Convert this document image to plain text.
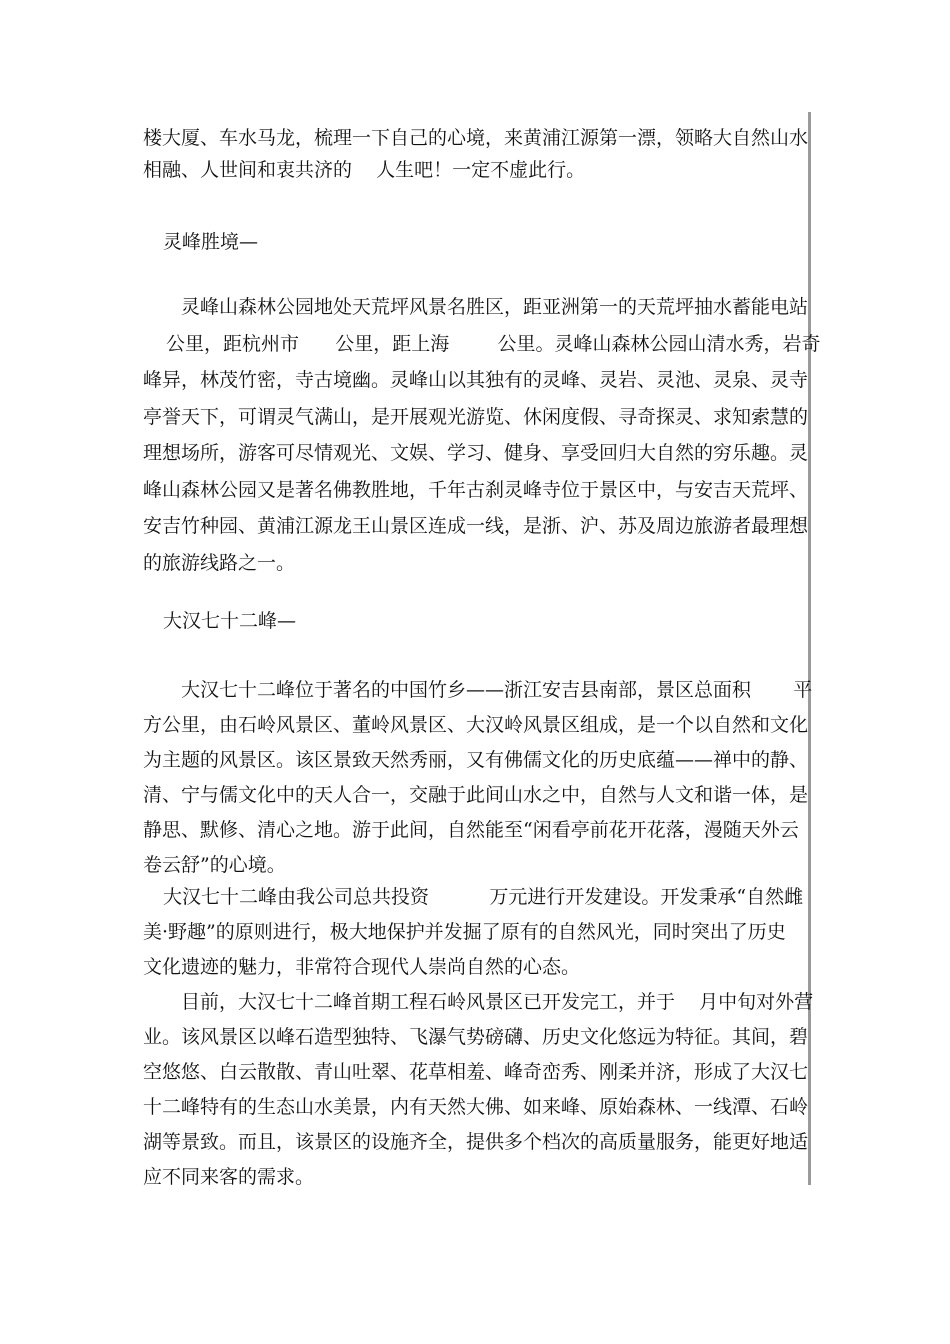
楼大厦、车水马龙，梳理一下自己的心境，来黄浦江源第一漂，领略大自然山水

相融、人世间和衷共济的    人生吧！一定不虚此行。

灵峰胜境—

灵峰山森林公园地处天荒坪风景名胜区，距亚洲第一的天荒坪抽水蓄能电站

公里，距杭州市      公里，距上海        公里。灵峰山森林公园山清水秀，岩奇

峰异，林茂竹密，寺古境幽。灵峰山以其独有的灵峰、灵岩、灵池、灵泉、灵寺

亭誉天下，可谓灵气满山，是开展观光游览、休闲度假、寻奇探灵、求知索慧的

理想场所，游客可尽情观光、文娱、学习、健身、享受回归大自然的穷乐趣。灵

峰山森林公园又是著名佛教胜地，千年古刹灵峰寺位于景区中，与安吉天荒坪、

安吉竹种园、黄浦江源龙王山景区连成一线，是浙、沪、苏及周边旅游者最理想

的旅游线路之一。

大汉七十二峰—

大汉七十二峰位于著名的中国竹乡——浙江安吉县南部，景区总面积       平

方公里，由石岭风景区、董岭风景区、大汉岭风景区组成，是一个以自然和文化

为主题的风景区。该区景致天然秀丽，又有佛儒文化的历史底蕴——禅中的静、

清、宁与儒文化中的天人合一，交融于此间山水之中，自然与人文和谐一体，是

静思、默修、清心之地。游于此间，自然能至“闲看亭前花开花落，漫随天外云

卷云舒”的心境。

大汉七十二峰由我公司总共投资          万元进行开发建设。开发秉承“自然雌

美·野趣”的原则进行，极大地保护并发掘了原有的自然风光，同时突出了历史

文化遗迹的魅力，非常符合现代人崇尚自然的心态。

目前，大汉七十二峰首期工程石岭风景区已开发完工，并于    月中旬对外营

业。该风景区以峰石造型独特、飞瀑气势磅礴、历史文化悠远为特征。其间，碧

空悠悠、白云散散、青山吐翠、花草相羞、峰奇峦秀、刚柔并济，形成了大汉七

十二峰特有的生态山水美景，内有天然大佛、如来峰、原始森林、一线潭、石岭

湖等景致。而且，该景区的设施齐全，提供多个档次的高质量服务，能更好地适

应不同来客的需求。
